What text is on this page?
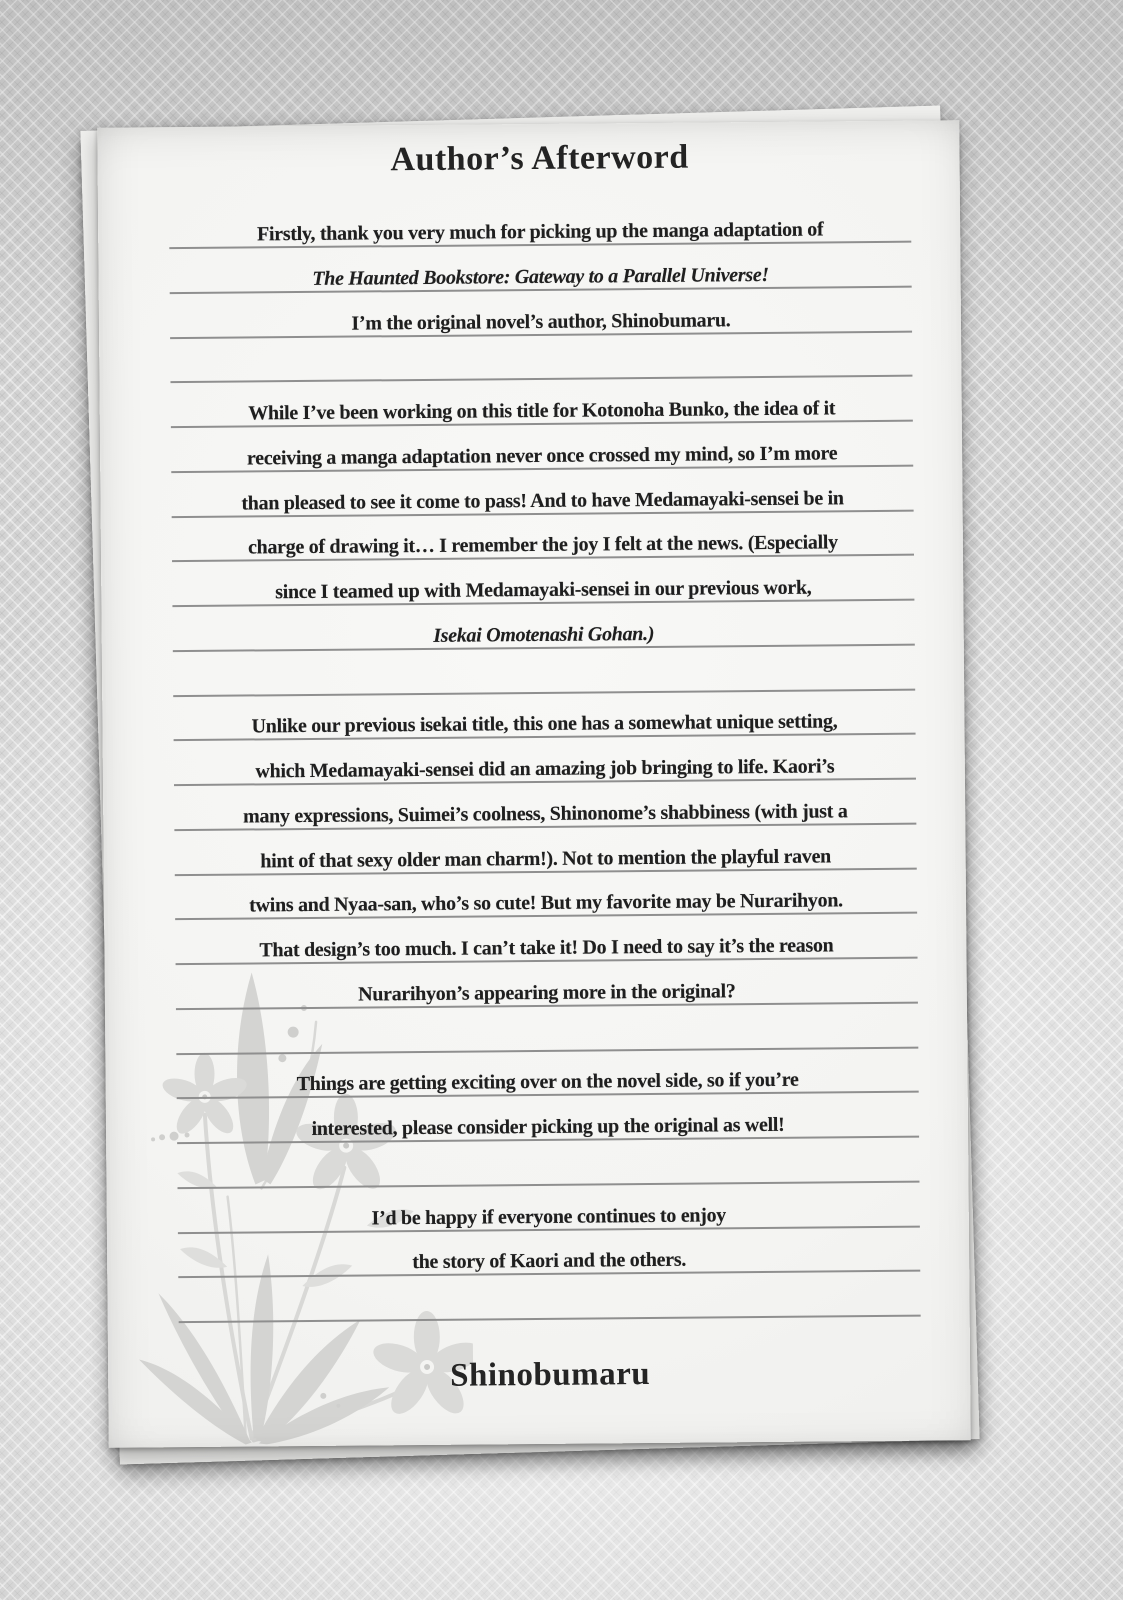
Author’s Afterword
Firstly, thank you very much for picking up the manga adaptation of
The Haunted Bookstore: Gateway to a Parallel Universe!
I’m the original novel’s author, Shinobumaru.
While I’ve been working on this title for Kotonoha Bunko, the idea of it
receiving a manga adaptation never once crossed my mind, so I’m more
than pleased to see it come to pass! And to have Medamayaki-sensei be in
charge of drawing it… I remember the joy I felt at the news. (Especially
since I teamed up with Medamayaki-sensei in our previous work,
Isekai Omotenashi Gohan.)
Unlike our previous isekai title, this one has a somewhat unique setting,
which Medamayaki-sensei did an amazing job bringing to life. Kaori’s
many expressions, Suimei’s coolness, Shinonome’s shabbiness (with just a
hint of that sexy older man charm!). Not to mention the playful raven
twins and Nyaa-san, who’s so cute! But my favorite may be Nurarihyon.
That design’s too much. I can’t take it! Do I need to say it’s the reason
Nurarihyon’s appearing more in the original?
Things are getting exciting over on the novel side, so if you’re
interested, please consider picking up the original as well!
I’d be happy if everyone continues to enjoy
the story of Kaori and the others.
Shinobumaru
